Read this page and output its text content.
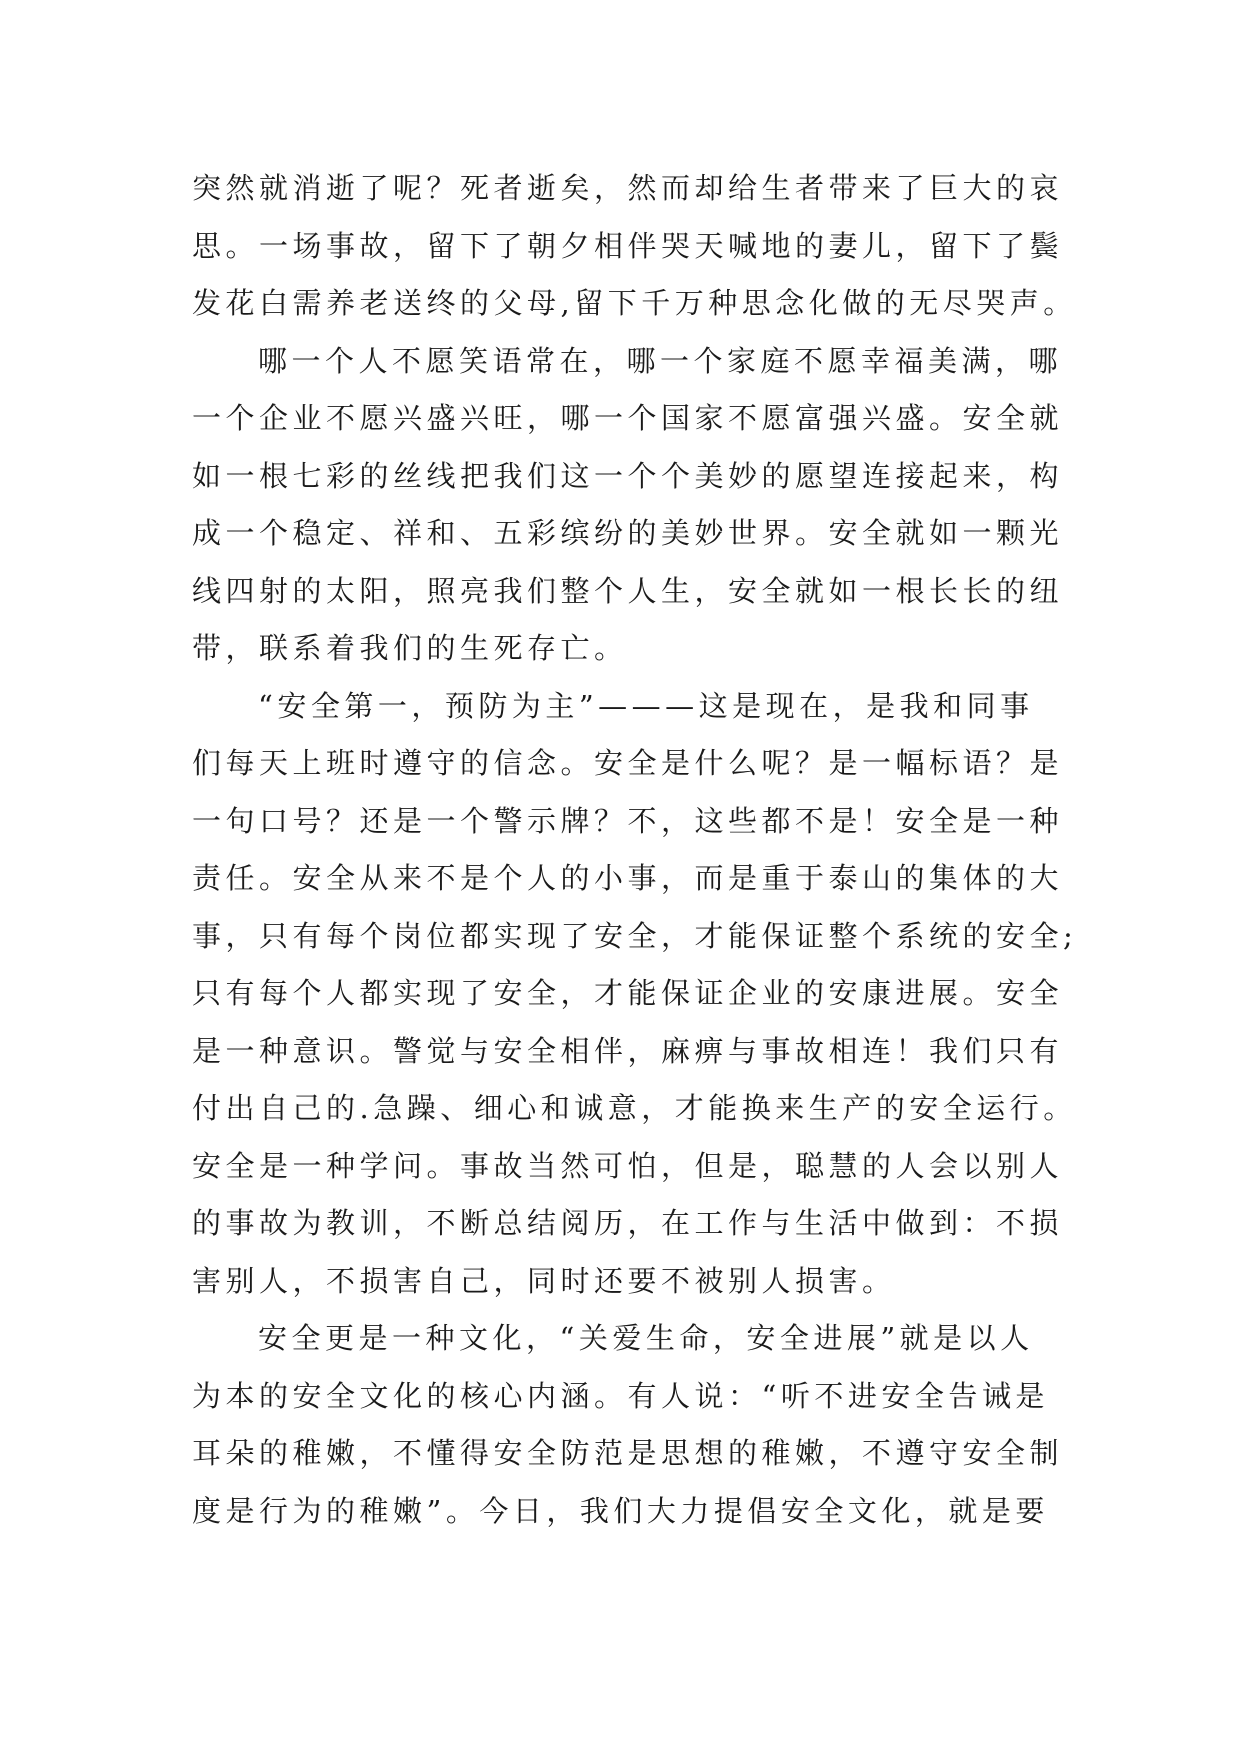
突然就消逝了呢？死者逝矣，然而却给生者带来了巨大的哀
思。一场事故，留下了朝夕相伴哭天喊地的妻儿，留下了鬓
发花白需养老送终的父母,留下千万种思念化做的无尽哭声。
哪一个人不愿笑语常在，哪一个家庭不愿幸福美满，哪
一个企业不愿兴盛兴旺，哪一个国家不愿富强兴盛。安全就
如一根七彩的丝线把我们这一个个美妙的愿望连接起来，构
成一个稳定、祥和、五彩缤纷的美妙世界。安全就如一颗光
线四射的太阳，照亮我们整个人生，安全就如一根长长的纽
带，联系着我们的生死存亡。
“安全第一，预防为主”———这是现在，是我和同事
们每天上班时遵守的信念。安全是什么呢？是一幅标语？是
一句口号？还是一个警示牌？不，这些都不是！安全是一种
责任。安全从来不是个人的小事，而是重于泰山的集体的大
事，只有每个岗位都实现了安全，才能保证整个系统的安全;
只有每个人都实现了安全，才能保证企业的安康进展。安全
是一种意识。警觉与安全相伴，麻痹与事故相连！我们只有
付出自己的.急躁、细心和诚意，才能换来生产的安全运行。
安全是一种学问。事故当然可怕，但是，聪慧的人会以别人
的事故为教训，不断总结阅历，在工作与生活中做到：不损
害别人，不损害自己，同时还要不被别人损害。
安全更是一种文化，“关爱生命，安全进展”就是以人
为本的安全文化的核心内涵。有人说：“听不进安全告诫是
耳朵的稚嫩，不懂得安全防范是思想的稚嫩，不遵守安全制
度是行为的稚嫩”。今日，我们大力提倡安全文化，就是要
